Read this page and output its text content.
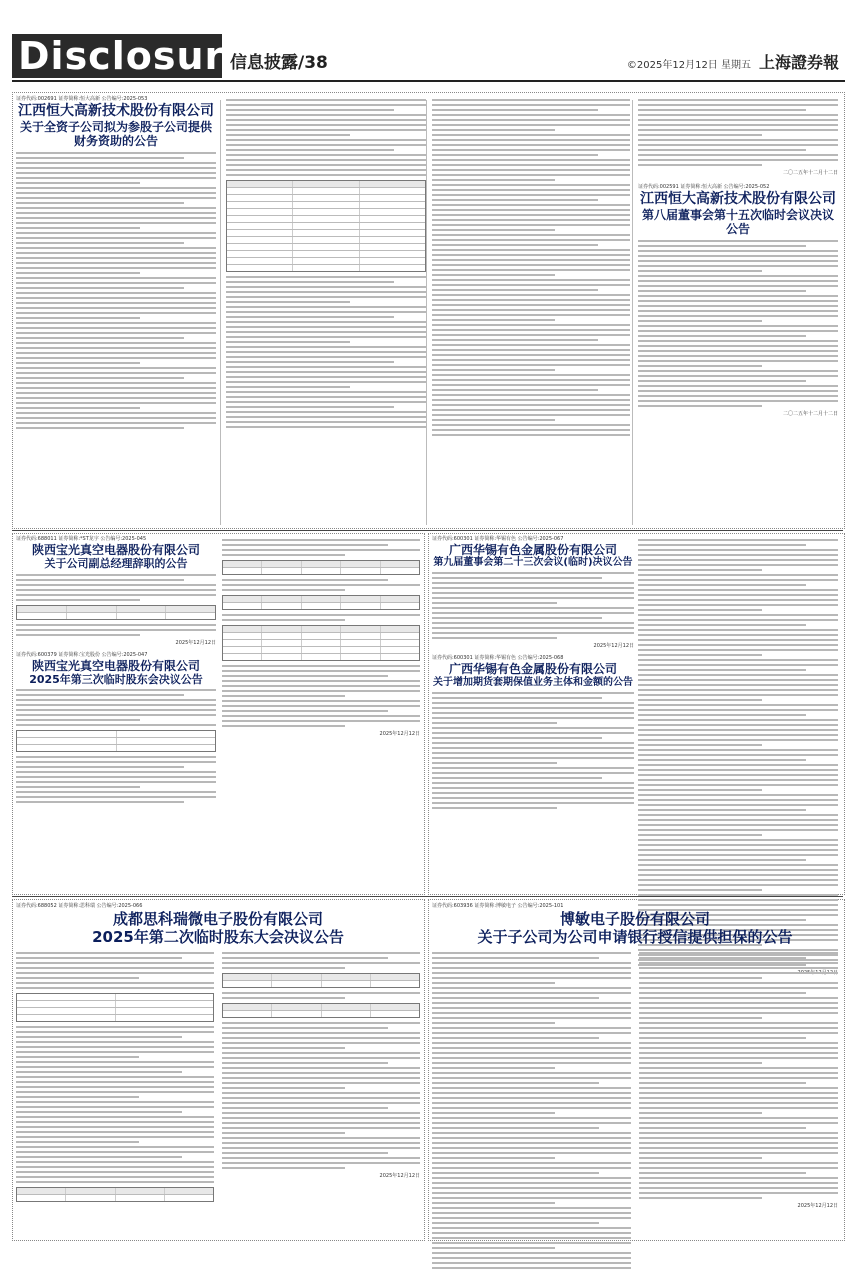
Disclosure
信息披露/38	©2025年12月12日 星期五 上海證券報
证券代码:002691 证券简称:恒大高新 公告编号:2025-053
江西恒大高新技术股份有限公司
关于全资子公司拟为参股子公司提供财务资助的公告
二〇二五年十二月十二日
证券代码:002591 证券简称:恒大高新 公告编号:2025-052
江西恒大高新技术股份有限公司
第八届董事会第十五次临时会议决议公告
二〇二五年十二月十二日
证券代码:688011 证券简称:*ST龙宇 公告编号:2025-045
陕西宝光真空电器股份有限公司
关于公司副总经理辞职的公告
2025年12月12日
证券代码:600379 证券简称:宝光股份 公告编号:2025-047
陕西宝光真空电器股份有限公司
2025年第三次临时股东会决议公告
2025年12月12日
证券代码:600301 证券简称:华锡有色 公告编号:2025-067
广西华锡有色金属股份有限公司
第九届董事会第二十三次会议(临时)决议公告
2025年12月12日
证券代码:600301 证券简称:华锡有色 公告编号:2025-068
广西华锡有色金属股份有限公司
关于增加期货套期保值业务主体和金额的公告
证券代码:688052 证券简称:思科瑞 公告编号:2025-066
成都思科瑞微电子股份有限公司
2025年第二次临时股东大会决议公告
2025年12月12日
证券代码:603936 证券简称:博敏电子 公告编号:2025-101
博敏电子股份有限公司
关于子公司为公司申请银行授信提供担保的公告
2025年12月12日
